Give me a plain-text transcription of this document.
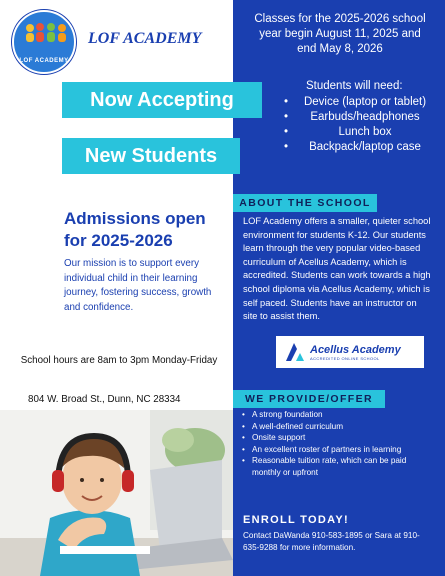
LOF ACADEMY
LOF ACADEMY
Classes for the 2025-2026 school year begin August 11, 2025 and end May 8, 2026
Now Accepting
New Students
Students will need:
• Device (laptop or tablet)
• Earbuds/headphones
• Lunch box
• Backpack/laptop case
Admissions open
for 2025-2026
Our mission is to support every individual child in their learning journey, fostering success, growth and confidence.
ABOUT THE SCHOOL
LOF Academy offers a smaller, quieter school environment for students K-12. Our students learn through the very popular video-based curriculum of Acellus Academy, which is accredited. Students can work towards a high school diploma via Acellus Academy, which is self paced. Students have an instructor on site to assist them.
Acellus Academy
ACCREDITED ONLINE SCHOOL
School hours are 8am to 3pm Monday-Friday
804 W. Broad St., Dunn, NC 28334	WE PROVIDE/OFFER
• A strong foundation
• A well-defined curriculum
• Onsite support
• An excellent roster of partners in learning
• Reasonable tuition rate, which can be paid monthly or upfront
ENROLL TODAY!
Contact DaWanda 910-583-1895 or Sara at 910-635-9288 for more information.
